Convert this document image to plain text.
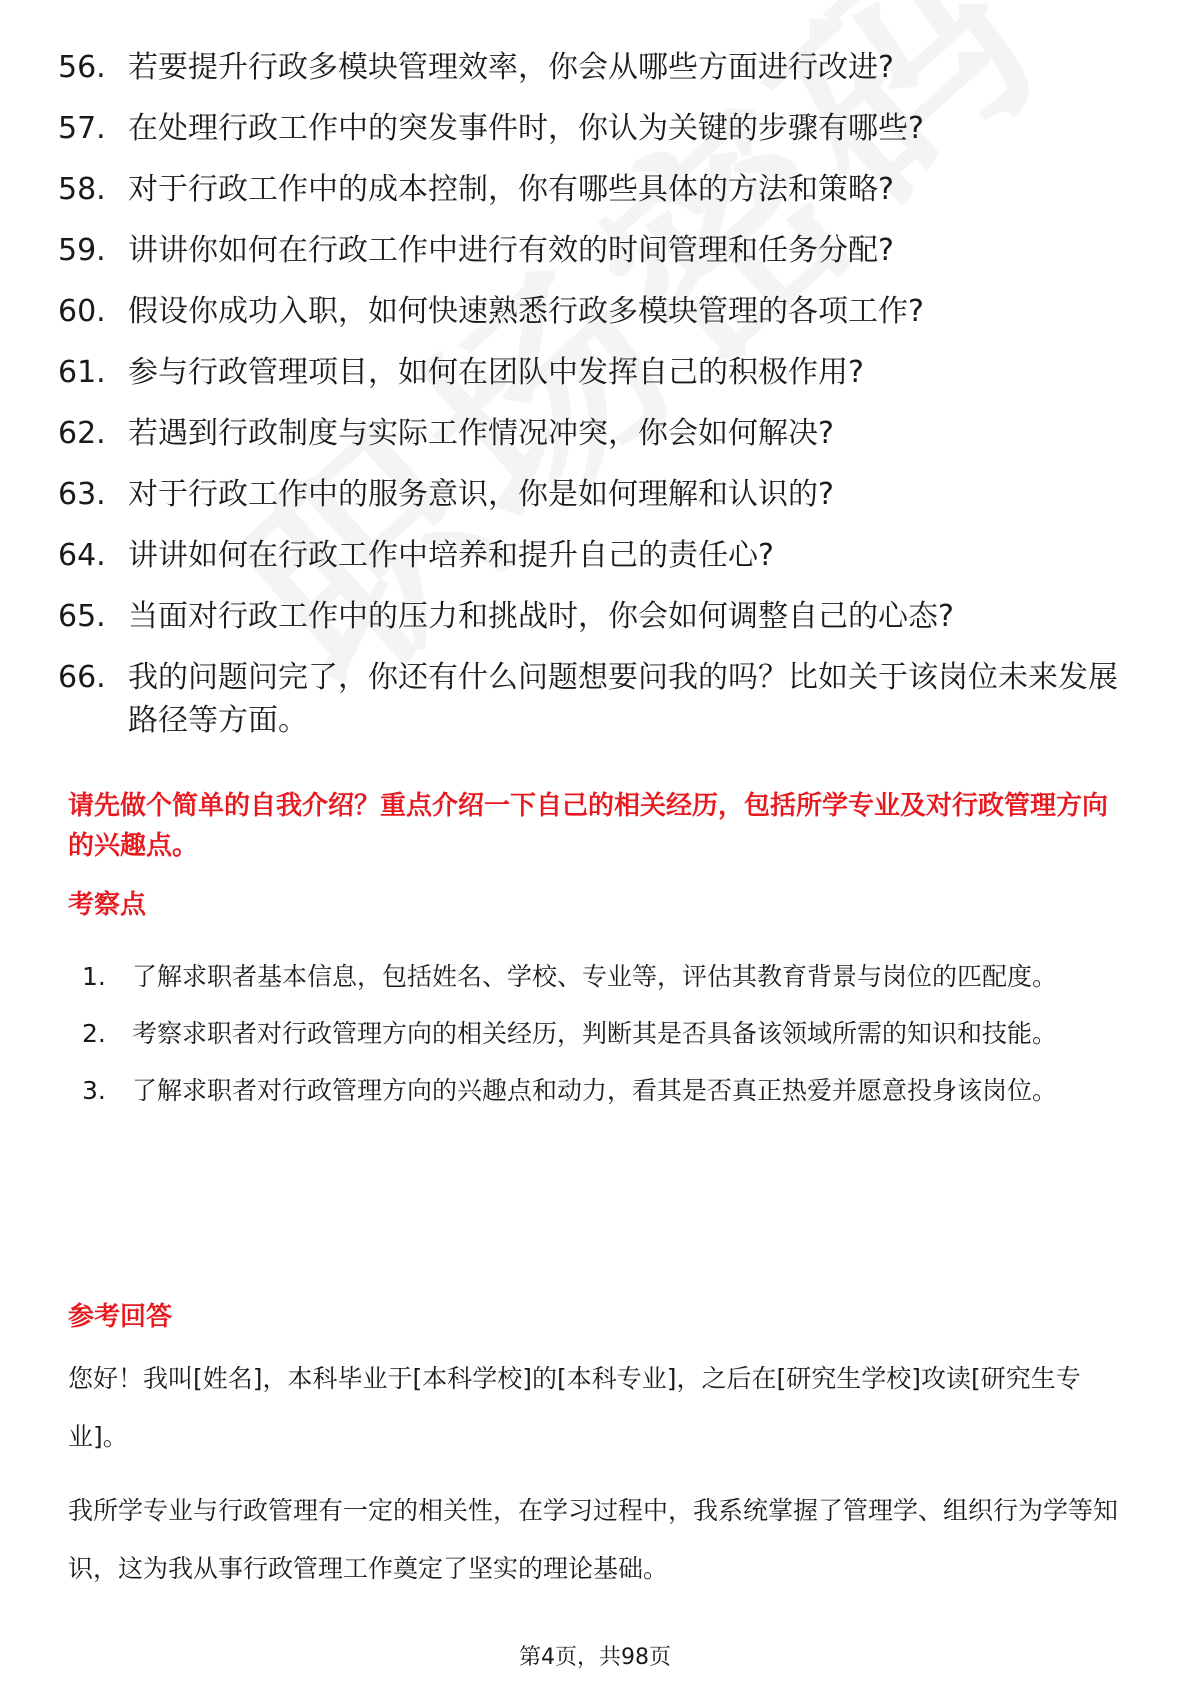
56. 若要提升行政多模块管理效率，你会从哪些方面进行改进?
57. 在处理行政工作中的突发事件时，你认为关键的步骤有哪些?
58. 对于行政工作中的成本控制，你有哪些具体的方法和策略?
59. 讲讲你如何在行政工作中进行有效的时间管理和任务分配?
60. 假设你成功入职，如何快速熟悉行政多模块管理的各项工作?
61. 参与行政管理项目，如何在团队中发挥自己的积极作用?
62. 若遇到行政制度与实际工作情况冲突，你会如何解决?
63. 对于行政工作中的服务意识，你是如何理解和认识的?
64. 讲讲如何在行政工作中培养和提升自己的责任心?
65. 当面对行政工作中的压力和挑战时，你会如何调整自己的心态?
66. 我的问题问完了，你还有什么问题想要问我的吗？比如关于该岗位未来发展路径等方面。
请先做个简单的自我介绍？重点介绍一下自己的相关经历，包括所学专业及对行政管理方向的兴趣点。
考察点
1.	了解求职者基本信息，包括姓名、学校、专业等，评估其教育背景与岗位的匹配度。
2.	考察求职者对行政管理方向的相关经历，判断其是否具备该领域所需的知识和技能。
3.	了解求职者对行政管理方向的兴趣点和动力，看其是否真正热爱并愿意投身该岗位。
参考回答
您好！我叫[姓名]，本科毕业于[本科学校]的[本科专业]，之后在[研究生学校]攻读[研究生专业]。
我所学专业与行政管理有一定的相关性，在学习过程中，我系统掌握了管理学、组织行为学等知识，这为我从事行政管理工作奠定了坚实的理论基础。
第4页，共98页
